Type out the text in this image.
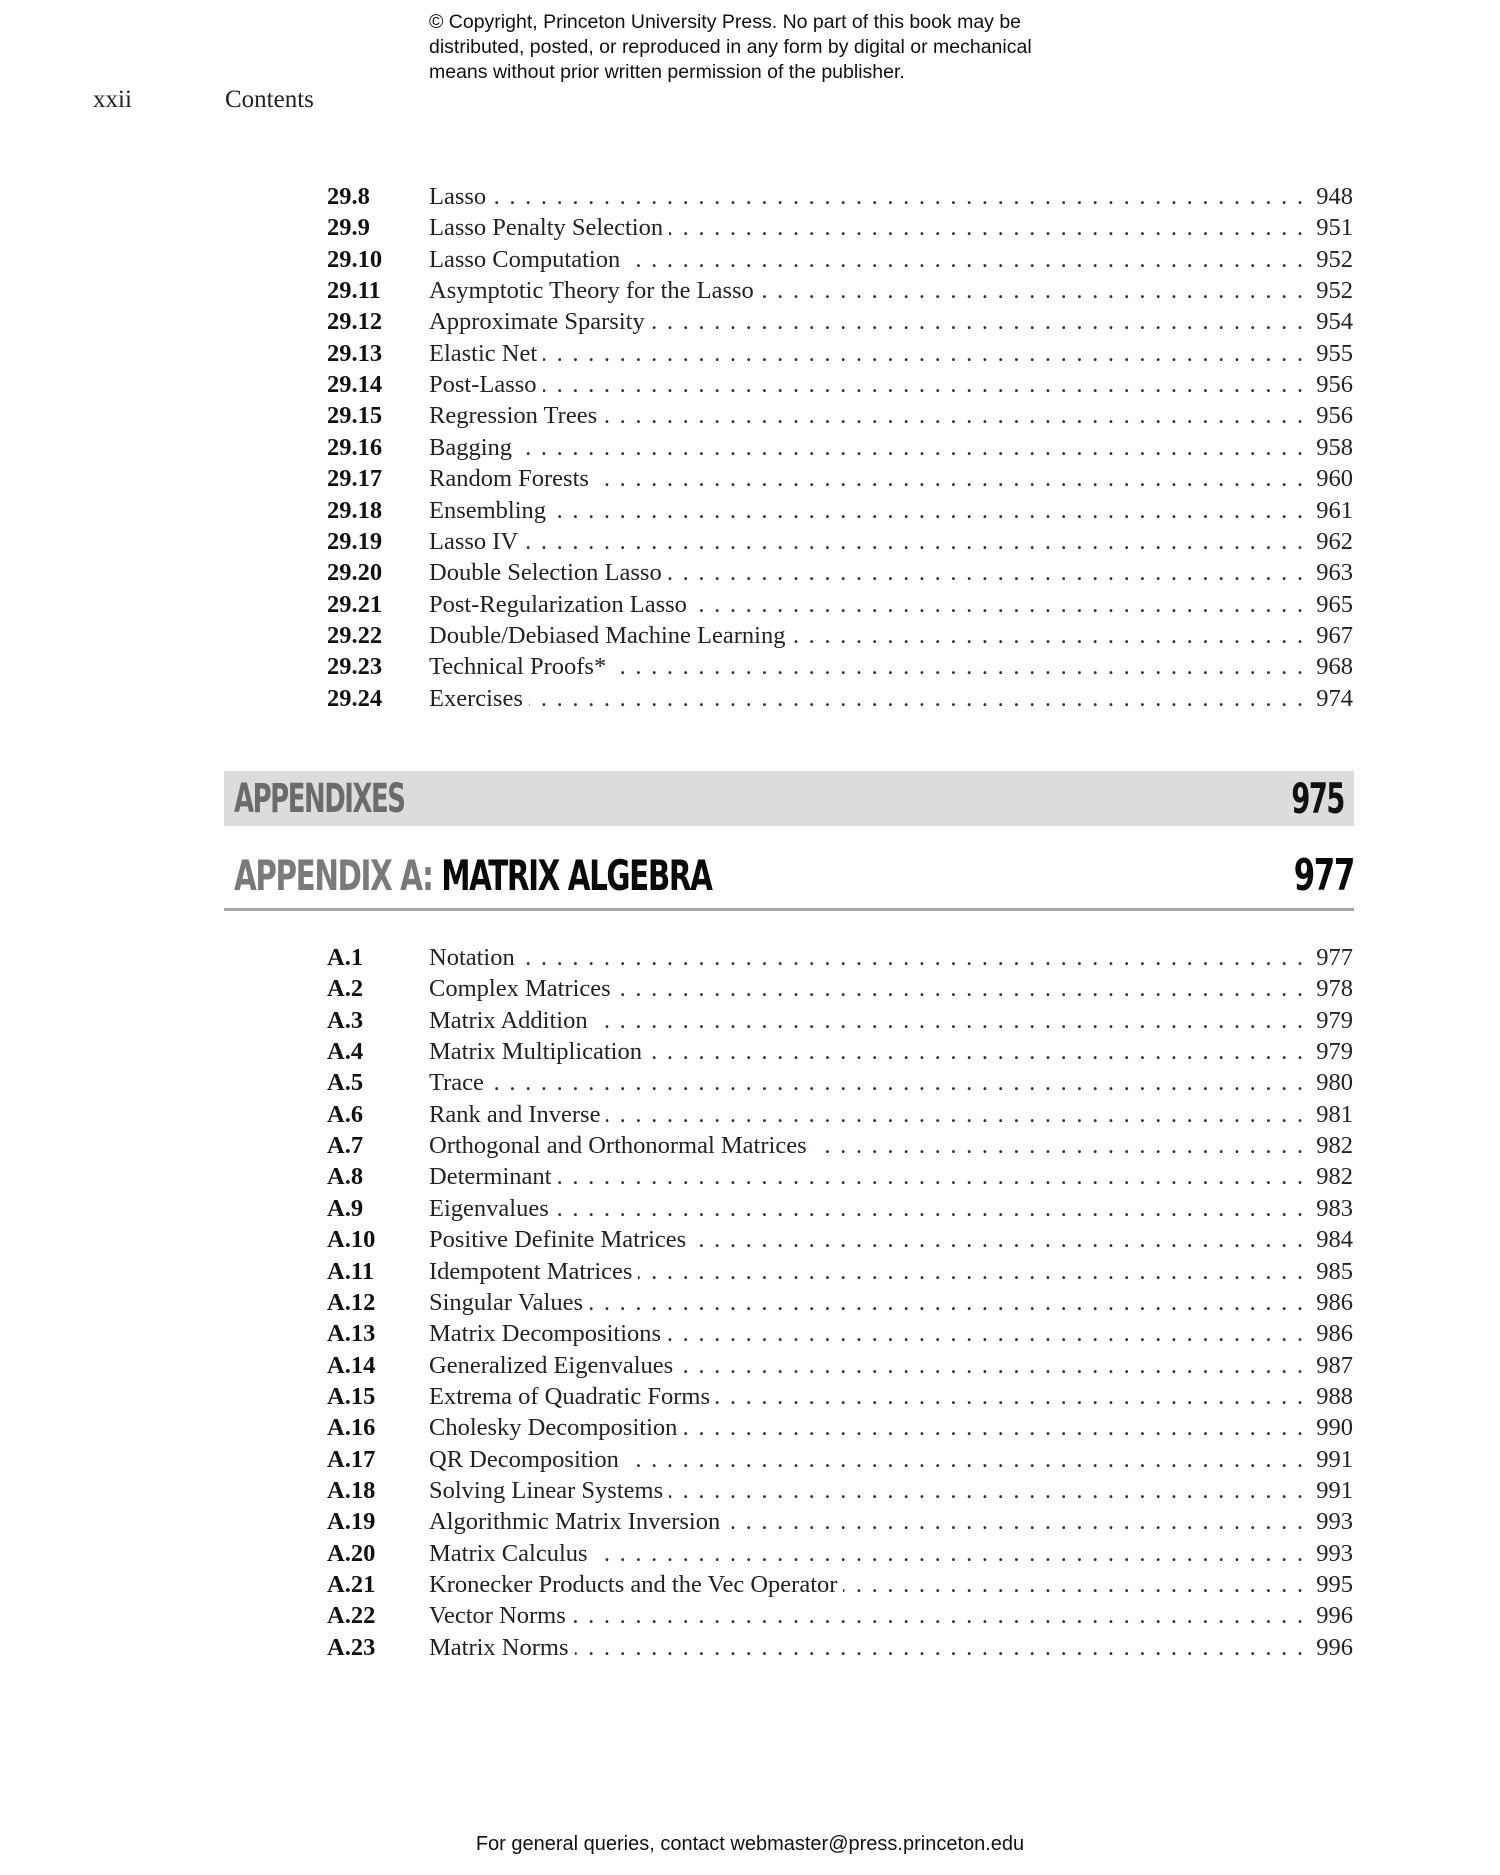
© Copyright, Princeton University Press. No part of this book may be
distributed, posted, or reproduced in any form by digital or mechanical
means without prior written permission of the publisher.
xxii	Contents
29.8 Lasso . . .	948
29.9 Lasso Penalty Selection . . .	951
29.10 Lasso Computation . . .	952
29.11 Asymptotic Theory for the Lasso . . .	952
29.12 Approximate Sparsity . . .	954
29.13 Elastic Net . . .	955
29.14 Post-Lasso . . .	956
29.15 Regression Trees . . .	956
29.16 Bagging . . .	958
29.17 Random Forests . . .	960
29.18 Ensembling . . .	961
29.19 Lasso IV . . .	962
29.20 Double Selection Lasso . . .	963
29.21 Post-Regularization Lasso . . .	965
29.22 Double/Debiased Machine Learning . . .	967
29.23 Technical Proofs* . . .	968
29.24 Exercises . . .	974
APPENDIXES	975
APPENDIX A: MATRIX ALGEBRA	977
A.1	Notation . . .	977
A.2	Complex Matrices . . .	978
A.3	Matrix Addition . . .	979
A.4	Matrix Multiplication . . .	979
A.5	Trace . . .	980
A.6	Rank and Inverse . . .	981
A.7	Orthogonal and Orthonormal Matrices . . .	982
A.8	Determinant . . .	982
A.9	Eigenvalues . . .	983
A.10 Positive Definite Matrices . . .	984
A.11 Idempotent Matrices . . .	985
A.12 Singular Values . . .	986
A.13 Matrix Decompositions . . .	986
A.14 Generalized Eigenvalues . . .	987
A.15 Extrema of Quadratic Forms . . .	988
A.16 Cholesky Decomposition . . .	990
A.17 QR Decomposition . . .	991
A.18 Solving Linear Systems . . .	991
A.19 Algorithmic Matrix Inversion . . .	993
A.20 Matrix Calculus . . .	993
A.21 Kronecker Products and the Vec Operator . . .	995
A.22 Vector Norms . . .	996
A.23 Matrix Norms . . .	996
For general queries, contact webmaster@press.princeton.edu
